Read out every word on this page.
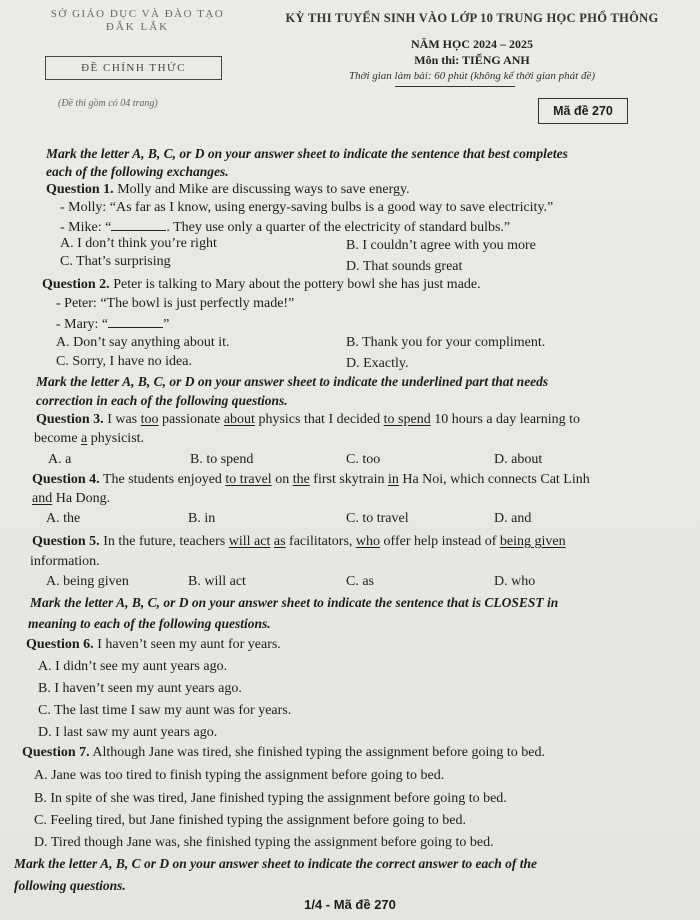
SỞ GIÁO DỤC VÀ ĐÀO TẠO
ĐẮK LẮK
ĐỀ CHÍNH THỨC
(Đề thi gồm có 04 trang)
KỲ THI TUYỂN SINH VÀO LỚP 10 TRUNG HỌC PHỔ THÔNG
NĂM HỌC 2024 – 2025
Môn thi: TIẾNG ANH
Thời gian làm bài: 60 phút (không kể thời gian phát đề)
Mã đề 270
Mark the letter A, B, C, or D on your answer sheet to indicate the sentence that best completes
each of the following exchanges.
Question 1. Molly and Mike are discussing ways to save energy.
- Molly: “As far as I know, using energy-saving bulbs is a good way to save electricity.”
- Mike: “	. They use only a quarter of the electricity of standard bulbs.”
A. I don’t think you’re right	B. I couldn’t agree with you more
C. That’s surprising	D. That sounds great
Question 2. Peter is talking to Mary about the pottery bowl she has just made.
- Peter: “The bowl is just perfectly made!”
- Mary: “	”
A. Don’t say anything about it.	B. Thank you for your compliment.
C. Sorry, I have no idea.	D. Exactly.
Mark the letter A, B, C, or D on your answer sheet to indicate the underlined part that needs
correction in each of the following questions.
Question 3. I was too passionate about physics that I decided to spend 10 hours a day learning to
become a physicist.
A. a	B. to spend	C. too	D. about
Question 4. The students enjoyed to travel on the first skytrain in Ha Noi, which connects Cat Linh
and Ha Dong.
A. the	B. in	C. to travel	D. and
Question 5. In the future, teachers will act as facilitators, who offer help instead of being given
information.
A. being given	B. will act	C. as	D. who
Mark the letter A, B, C, or D on your answer sheet to indicate the sentence that is CLOSEST in
meaning to each of the following questions.
Question 6. I haven’t seen my aunt for years.
A. I didn’t see my aunt years ago.
B. I haven’t seen my aunt years ago.
C. The last time I saw my aunt was for years.
D. I last saw my aunt years ago.
Question 7. Although Jane was tired, she finished typing the assignment before going to bed.
A. Jane was too tired to finish typing the assignment before going to bed.
B. In spite of she was tired, Jane finished typing the assignment before going to bed.
C. Feeling tired, but Jane finished typing the assignment before going to bed.
D. Tired though Jane was, she finished typing the assignment before going to bed.
Mark the letter A, B, C or D on your answer sheet to indicate the correct answer to each of the
following questions.
1/4 - Mã đề 270
